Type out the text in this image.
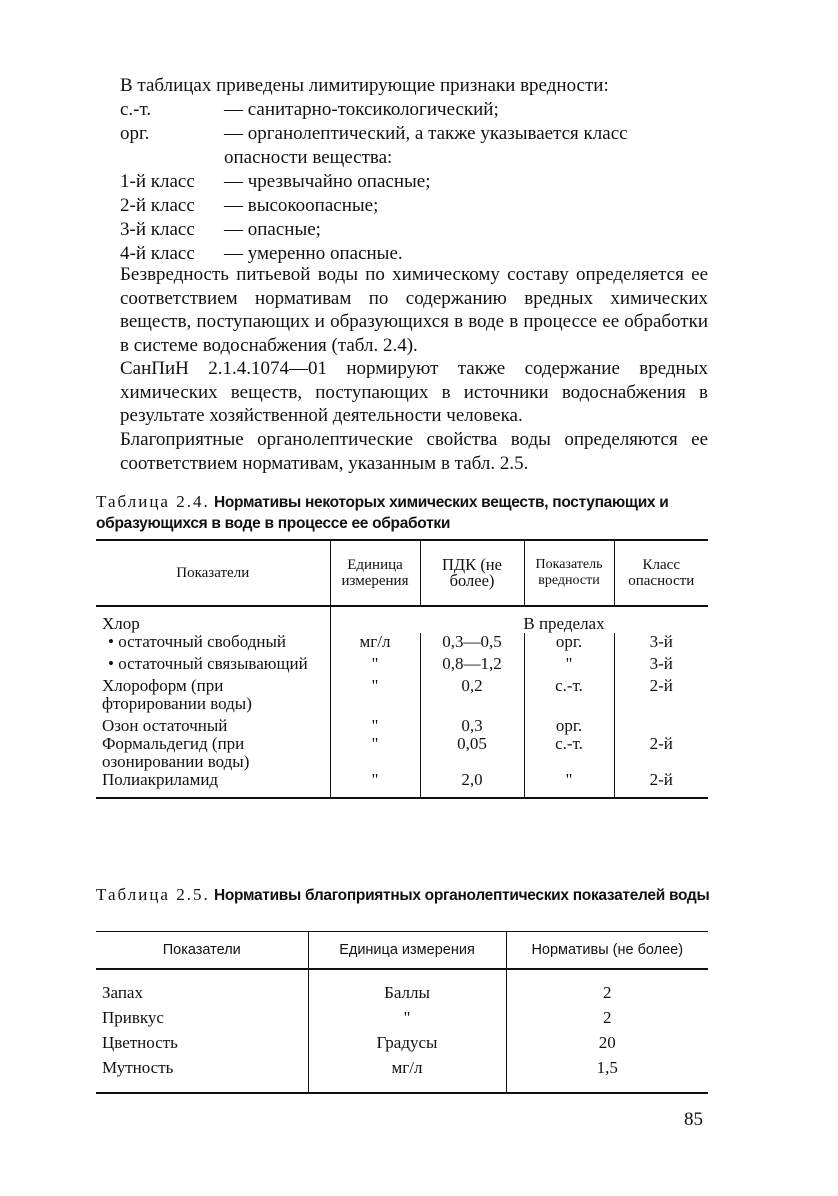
В таблицах приведены лимитирующие признаки вредности:
с.-т.	— санитарно-токсикологический;
орг.	— органолептический, а также указывается класс опасности вещества:
1-й класс	— чрезвычайно опасные;
2-й класс	— высокоопасные;
3-й класс	— опасные;
4-й класс	— умеренно опасные.
Безвредность питьевой воды по химическому составу определяется ее соответствием нормативам по содержанию вредных химических веществ, поступающих и образующихся в воде в процессе ее обработки в системе водоснабжения (табл. 2.4).
СанПиН 2.1.4.1074—01 нормируют также содержание вредных химических веществ, поступающих в источники водоснабжения в результате хозяйственной деятельности человека.
Благоприятные органолептические свойства воды определяются ее соответствием нормативам, указанным в табл. 2.5.
Таблица 2.4. Нормативы некоторых химических веществ, поступающих и образующихся в воде в процессе ее обработки
Показатели	Единица измерения	ПДК (не более)	Показатель вредности	Класс опасности
Хлор		В пределах		

• остаточный свободный	мг/л	0,3—0,5	орг.	3-й

• остаточный связывающий	"	0,8—1,2	"	3-й
Хлороформ (при фторировании воды)	"	0,2	с.-т.	2-й
Озон остаточный	"	0,3	орг.	
Формальдегид (при озонировании воды)	"	0,05	с.-т.	2-й
Полиакриламид	"	2,0	"	2-й
Таблица 2.5. Нормативы благоприятных органолептических показателей воды
Показатели	Единица измерения	Нормативы (не более)
Запах	Баллы	2
Привкус	"	2
Цветность	Градусы	20
Мутность	мг/л	1,5
85
